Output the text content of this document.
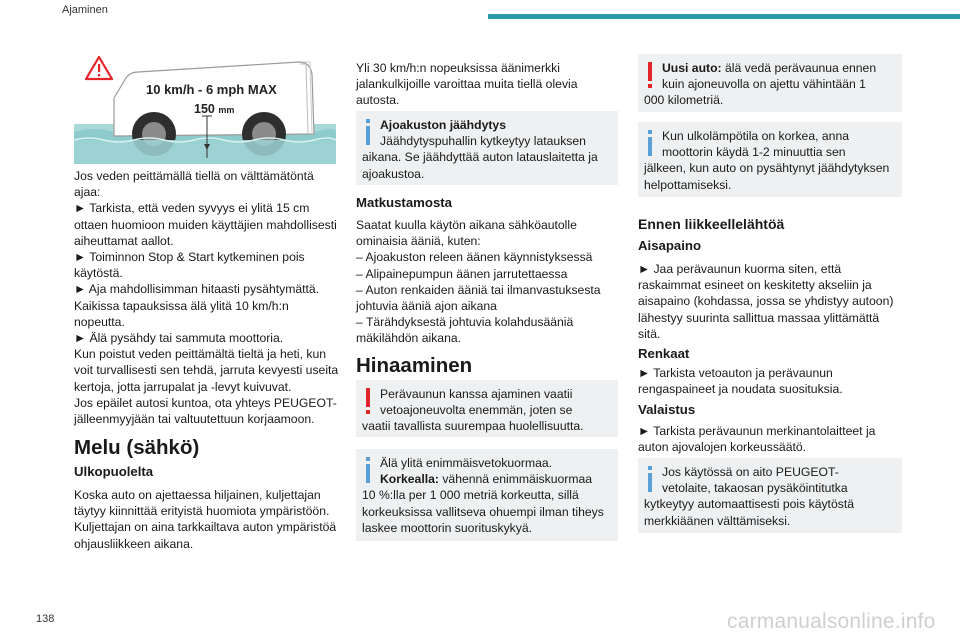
Ajaminen
138	carmanualsonline.info
10 km/h - 6 mph MAX
150 mm
Jos veden peittämällä tiellä on välttämätöntä
ajaa:
► Tarkista, että veden syvyys ei ylitä 15 cm
ottaen huomioon muiden käyttäjien mahdollisesti
aiheuttamat aallot.
► Toiminnon Stop & Start kytkeminen pois
käytöstä.
► Aja mahdollisimman hitaasti pysähtymättä.
Kaikissa tapauksissa älä ylitä 10 km/h:n
nopeutta.
► Älä pysähdy tai sammuta moottoria.
Kun poistut veden peittämältä tieltä ja heti, kun
voit turvallisesti sen tehdä, jarruta kevyesti useita
kertoja, jotta jarrupalat ja -levyt kuivuvat.
Jos epäilet autosi kuntoa, ota yhteys PEUGEOT-
jälleenmyyjään tai valtuutettuun korjaamoon.
Melu (sähkö)
Ulkopuolelta
Koska auto on ajettaessa hiljainen, kuljettajan
täytyy kiinnittää erityistä huomiota ympäristöön.
Kuljettajan on aina tarkkailtava auton ympäristöä
ohjausliikkeen aikana.
Yli 30 km/h:n nopeuksissa äänimerkki
jalankulkijoille varoittaa muita tiellä olevia
autosta.
Ajoakuston jäähdytys
Jäähdytyspuhallin kytkeytyy latauksen
aikana. Se jäähdyttää auton latauslaitetta ja
ajoakustoa.
Matkustamosta
Saatat kuulla käytön aikana sähköautolle
ominaisia ääniä, kuten:
– Ajoakuston releen äänen käynnistyksessä
– Alipainepumpun äänen jarrutettaessa
– Auton renkaiden ääniä tai ilmanvastuksesta
johtuvia ääniä ajon aikana
– Tärähdyksestä johtuvia kolahdusääniä
mäkilähdön aikana.
Hinaaminen
Perävaunun kanssa ajaminen vaatii
vetoajoneuvolta enemmän, joten se
vaatii tavallista suurempaa huolellisuutta.
Älä ylitä enimmäisvetokuormaa.
Korkealla: vähennä enimmäiskuormaa
10 %:lla per 1 000 metriä korkeutta, sillä
korkeuksissa vallitseva ohuempi ilman tiheys
laskee moottorin suorituskykyä.
Uusi auto: älä vedä perävaunua ennen
kuin ajoneuvolla on ajettu vähintään 1
000 kilometriä.
Kun ulkolämpötila on korkea, anna
moottorin käydä 1-2 minuuttia sen
jälkeen, kun auto on pysähtynyt jäähdytyksen
helpottamiseksi.
Ennen liikkeellelähtöä
Aisapaino
► Jaa perävaunun kuorma siten, että
raskaimmat esineet on keskitetty akseliin ja
aisapaino (kohdassa, jossa se yhdistyy autoon)
lähestyy suurinta sallittua massaa ylittämättä
sitä.
Renkaat
► Tarkista vetoauton ja perävaunun
rengaspaineet ja noudata suosituksia.
Valaistus
► Tarkista perävaunun merkinantolaitteet ja
auton ajovalojen korkeussäätö.
Jos käytössä on aito PEUGEOT-
vetolaite, takaosan pysäköintitutka
kytkeytyy automaattisesti pois käytöstä
merkkiäänen välttämiseksi.
